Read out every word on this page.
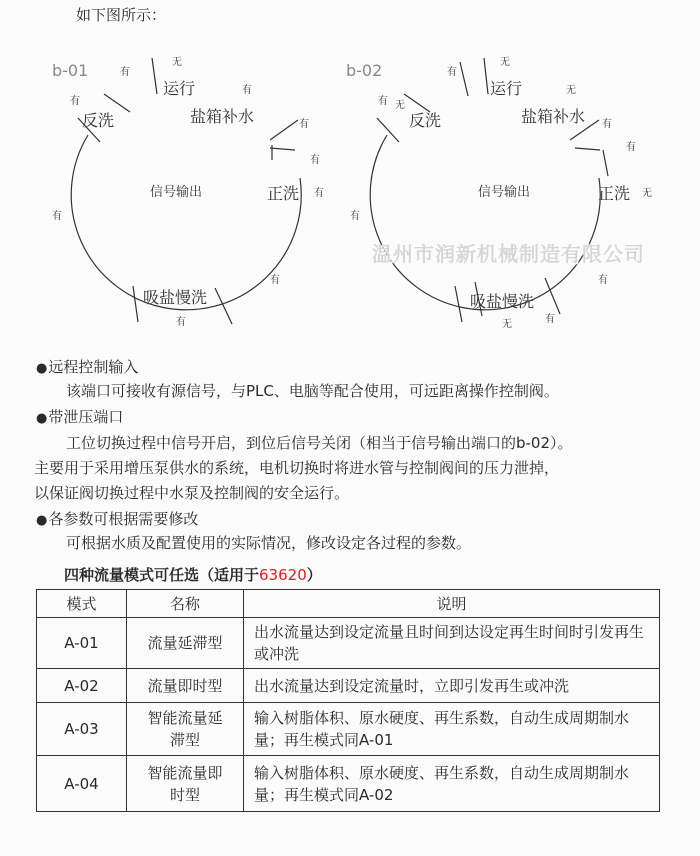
如下图所示：
b-01
信号输出
运行
盐箱补水
正洗
吸盐慢洗
反洗
无
有
有
有
有
有
有
有
有
有
b-02
信号输出
运行
盐箱补水
正洗
吸盐慢洗
反洗
无
有
无
有 无
有
无
无
有
有
有
有
温州市润新机械制造有限公司
●远程控制输入
该端口可接收有源信号，与PLC、电脑等配合使用，可远距离操作控制阀。
●带泄压端口
工位切换过程中信号开启，到位后信号关闭（相当于信号输出端口的b-02）。
主要用于采用增压泵供水的系统，电机切换时将进水管与控制阀间的压力泄掉，
以保证阀切换过程中水泵及控制阀的安全运行。
●各参数可根据需要修改
可根据水质及配置使用的实际情况，修改设定各过程的参数。
四种流量模式可任选（适用于63620）
模式	名称	说明
A-01	流量延滞型	出水流量达到设定流量且时间到达设定再生时间时引发再生或冲洗
A-02	流量即时型	出水流量达到设定流量时，立即引发再生或冲洗
A-03	智能流量延滞型	输入树脂体积、原水硬度、再生系数，自动生成周期制水量；再生模式同A-01
A-04	智能流量即时型	输入树脂体积、原水硬度、再生系数，自动生成周期制水量；再生模式同A-02
